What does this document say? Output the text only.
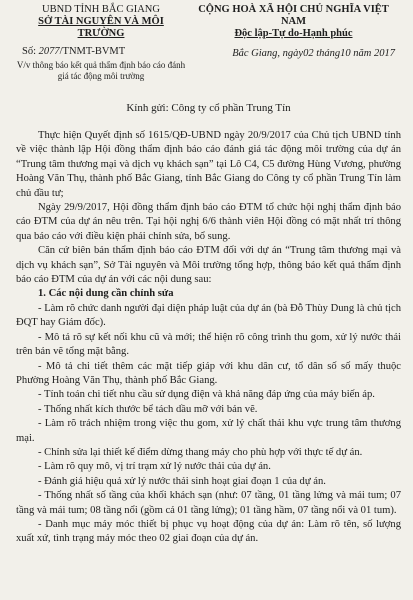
UBND TỈNH BẮC GIANG
SỞ TÀI NGUYÊN VÀ MÔI TRƯỜNG
Số: 2077/TNMT-BVMT
V/v thông báo kết quả thẩm định báo cáo đánh giá tác động môi trường
CỘNG HOÀ XÃ HỘI CHỦ NGHĨA VIỆT NAM
Độc lập-Tự do-Hạnh phúc
Bắc Giang, ngày02 tháng10 năm 2017
Kính gửi: Công ty cổ phần Trung Tín

Thực hiện Quyết định số 1615/QĐ-UBND ngày 20/9/2017 của Chủ tịch UBND tỉnh về việc thành lập Hội đồng thẩm định báo cáo đánh giá tác động môi trường của dự án “Trung tâm thương mại và dịch vụ khách sạn” tại Lô C4, C5 đường Hùng Vương, phường Hoàng Văn Thụ, thành phố Bắc Giang, tỉnh Bắc Giang do Công ty cổ phần Trung Tín làm chủ đầu tư;

Ngày 29/9/2017, Hội đồng thẩm định báo cáo ĐTM tổ chức hội nghị thẩm định báo cáo ĐTM của dự án nêu trên. Tại hội nghị 6/6 thành viên Hội đồng có mặt nhất trí thông qua báo cáo với điều kiện phải chỉnh sửa, bổ sung.

Căn cứ biên bản thẩm định báo cáo ĐTM đối với dự án “Trung tâm thương mại và dịch vụ khách sạn”, Sở Tài nguyên và Môi trường tổng hợp, thông báo kết quả thẩm định báo cáo ĐTM của dự án với các nội dung sau:

1. Các nội dung cần chỉnh sửa

- Làm rõ chức danh người đại diện pháp luật của dự án (bà Đỗ Thùy Dung là chủ tịch ĐQT hay Giám đốc).

- Mô tả rõ sự kết nối khu cũ và mới; thể hiện rõ công trình thu gom, xử lý nước thải trên bản vẽ tổng mặt bằng.

- Mô tả chi tiết thêm các mặt tiếp giáp với khu dân cư, tổ dân số số mấy thuộc Phường Hoàng Văn Thụ, thành phố Bắc Giang.

- Tính toán chi tiết nhu cầu sử dụng điện và khả năng đáp ứng của máy biến áp.

- Thống nhất kích thước bể tách dầu mỡ với bản vẽ.

- Làm rõ trách nhiệm trong việc thu gom, xử lý chất thải khu vực trung tâm thương mại.

- Chỉnh sửa lại thiết kế điểm dừng thang máy cho phù hợp với thực tế dự án.

- Làm rõ quy mô, vị trí trạm xử lý nước thải của dự án.

- Đánh giá hiệu quả xử lý nước thải sinh hoạt giai đoạn 1 của dự án.

- Thống nhất số tầng của khối khách sạn (như: 07 tầng, 01 tầng lửng và mái tum; 07 tầng và mái tum; 08 tầng nổi (gồm cả 01 tầng lửng); 01 tầng hầm, 07 tầng nổi và 01 tum).

- Danh mục máy móc thiết bị phục vụ hoạt động của dự án: Làm rõ tên, số lượng xuất xứ, tình trạng máy móc theo 02 giai đoạn của dự án.
